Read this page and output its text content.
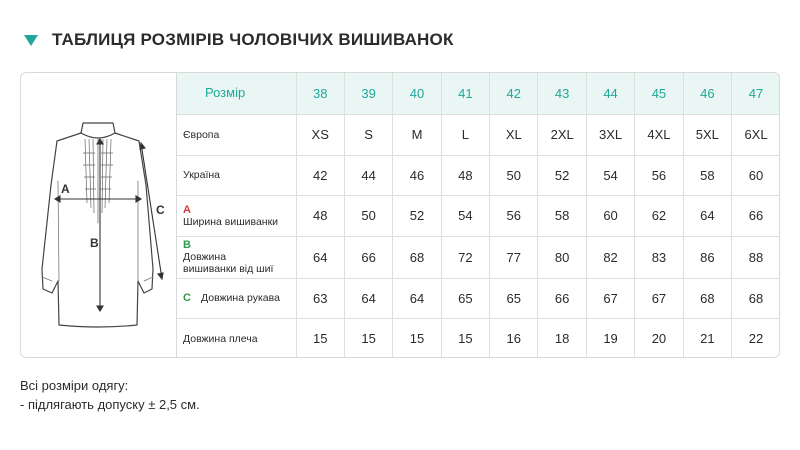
ТАБЛИЦЯ РОЗМІРІВ ЧОЛОВІЧИХ ВИШИВАНОК
A
B
C
Розмір	38	39	40	41	42	43	44	45	46	47
Європа	XS	S	M	L	XL	2XL	3XL	4XL	5XL	6XL
Україна	42	44	46	48	50	52	54	56	58	60
AШирина вишиванки	48	50	52	54	56	58	60	62	64	66
BДовжина вишиванки від шиї	64	66	68	72	77	80	82	83	86	88
C Довжина рукава	63	64	64	65	65	66	67	67	68	68
Довжина плеча	15	15	15	15	16	18	19	20	21	22
Всі розміри одягу:
- підлягають допуску ± 2,5 см.
